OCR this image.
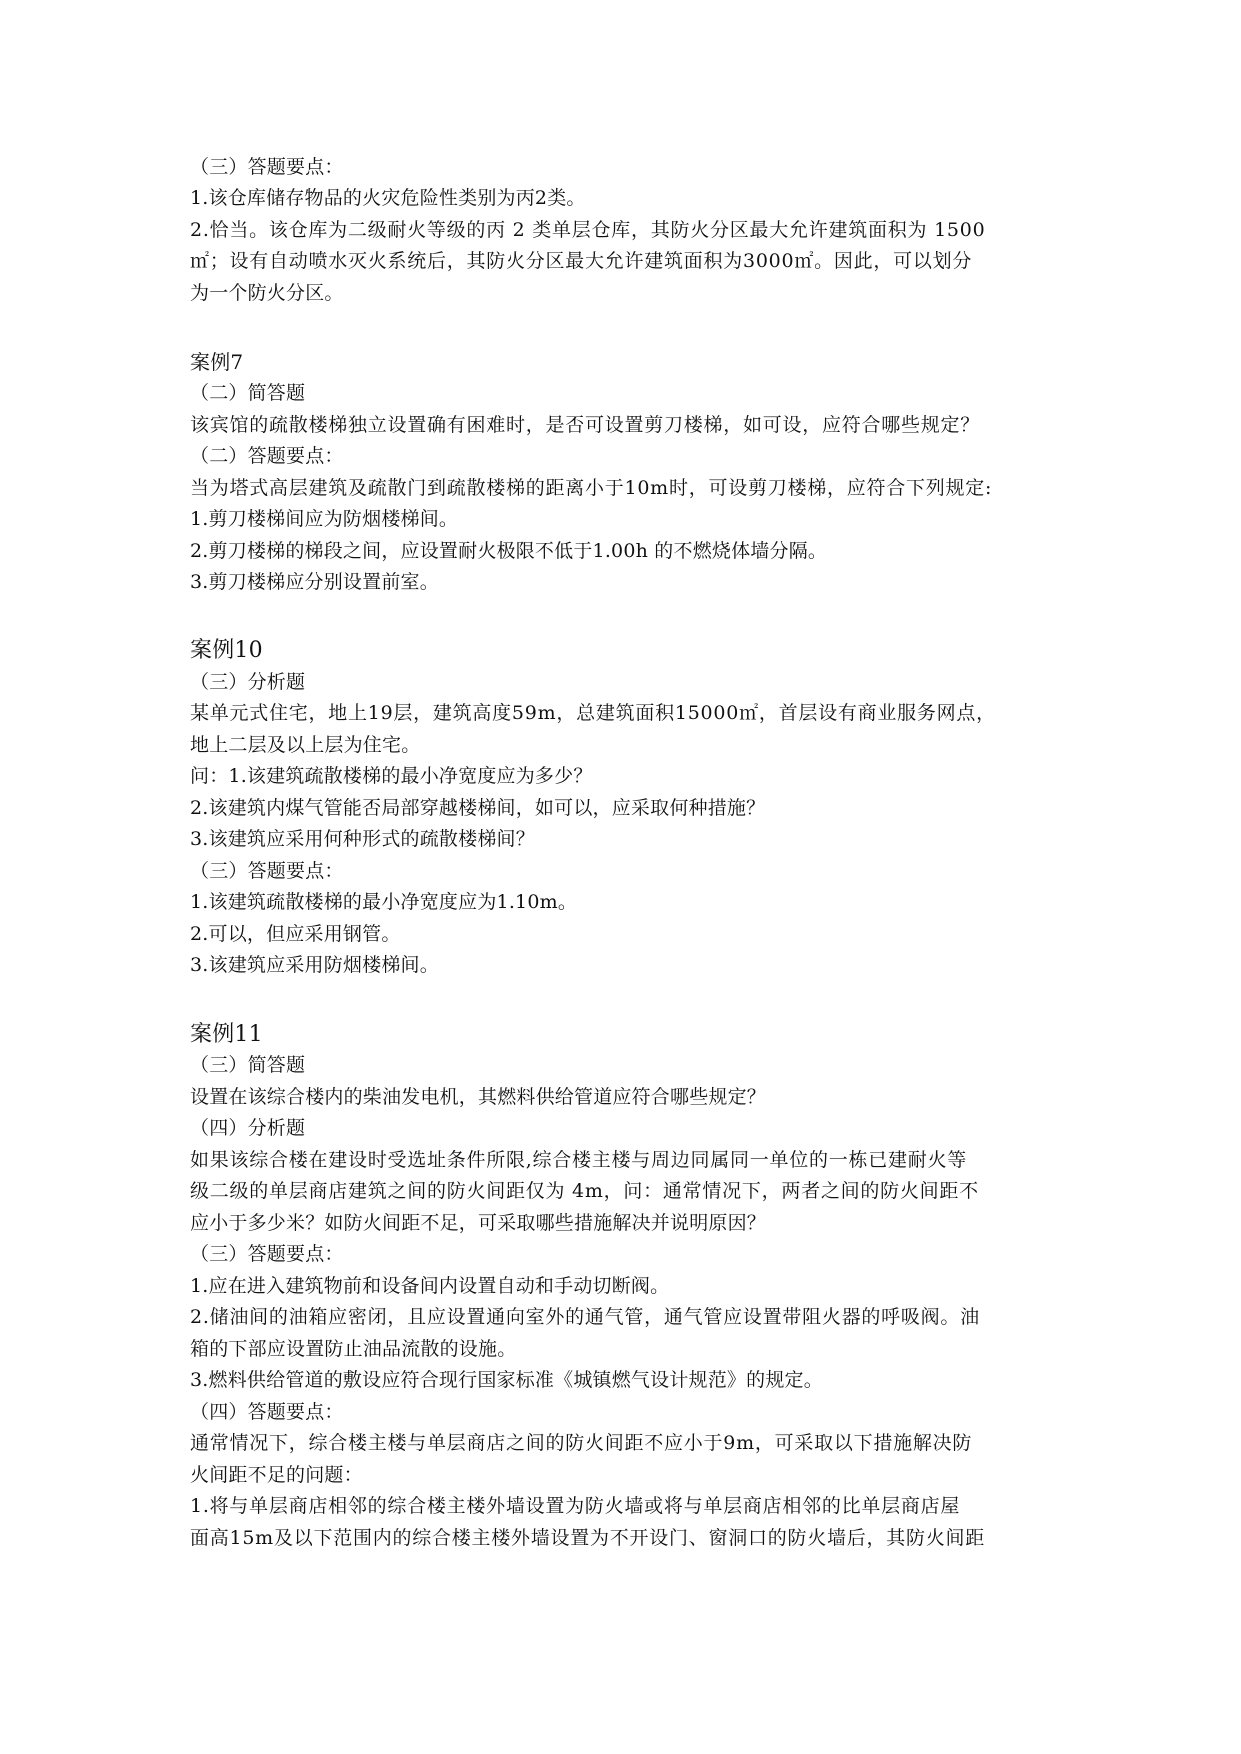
（三）答题要点：
1.该仓库储存物品的火灾危险性类别为丙2类。
2.恰当。该仓库为二级耐火等级的丙 2 类单层仓库，其防火分区最大允许建筑面积为 1500
㎡；设有自动喷水灭火系统后，其防火分区最大允许建筑面积为3000㎡。因此，可以划分
为一个防火分区。
案例7
（二）简答题
该宾馆的疏散楼梯独立设置确有困难时，是否可设置剪刀楼梯，如可设，应符合哪些规定？
（二）答题要点：
当为塔式高层建筑及疏散门到疏散楼梯的距离小于10m时，可设剪刀楼梯，应符合下列规定:
1.剪刀楼梯间应为防烟楼梯间。
2.剪刀楼梯的梯段之间，应设置耐火极限不低于1.00h 的不燃烧体墙分隔。
3.剪刀楼梯应分别设置前室。
案例10
（三）分析题
某单元式住宅，地上19层，建筑高度59m，总建筑面积15000㎡，首层设有商业服务网点，
地上二层及以上层为住宅。
问：1.该建筑疏散楼梯的最小净宽度应为多少？
2.该建筑内煤气管能否局部穿越楼梯间，如可以，应采取何种措施？
3.该建筑应采用何种形式的疏散楼梯间？
（三）答题要点：
1.该建筑疏散楼梯的最小净宽度应为1.10m。
2.可以，但应采用钢管。
3.该建筑应采用防烟楼梯间。
案例11
（三）简答题
设置在该综合楼内的柴油发电机，其燃料供给管道应符合哪些规定？
（四）分析题
如果该综合楼在建设时受选址条件所限,综合楼主楼与周边同属同一单位的一栋已建耐火等
级二级的单层商店建筑之间的防火间距仅为 4m，问：通常情况下，两者之间的防火间距不
应小于多少米？如防火间距不足，可采取哪些措施解决并说明原因？
（三）答题要点：
1.应在进入建筑物前和设备间内设置自动和手动切断阀。
2.储油间的油箱应密闭，且应设置通向室外的通气管，通气管应设置带阻火器的呼吸阀。油
箱的下部应设置防止油品流散的设施。
3.燃料供给管道的敷设应符合现行国家标准《城镇燃气设计规范》的规定。
（四）答题要点：
通常情况下，综合楼主楼与单层商店之间的防火间距不应小于9m，可采取以下措施解决防
火间距不足的问题：
1.将与单层商店相邻的综合楼主楼外墙设置为防火墙或将与单层商店相邻的比单层商店屋
面高15m及以下范围内的综合楼主楼外墙设置为不开设门、窗洞口的防火墙后，其防火间距
